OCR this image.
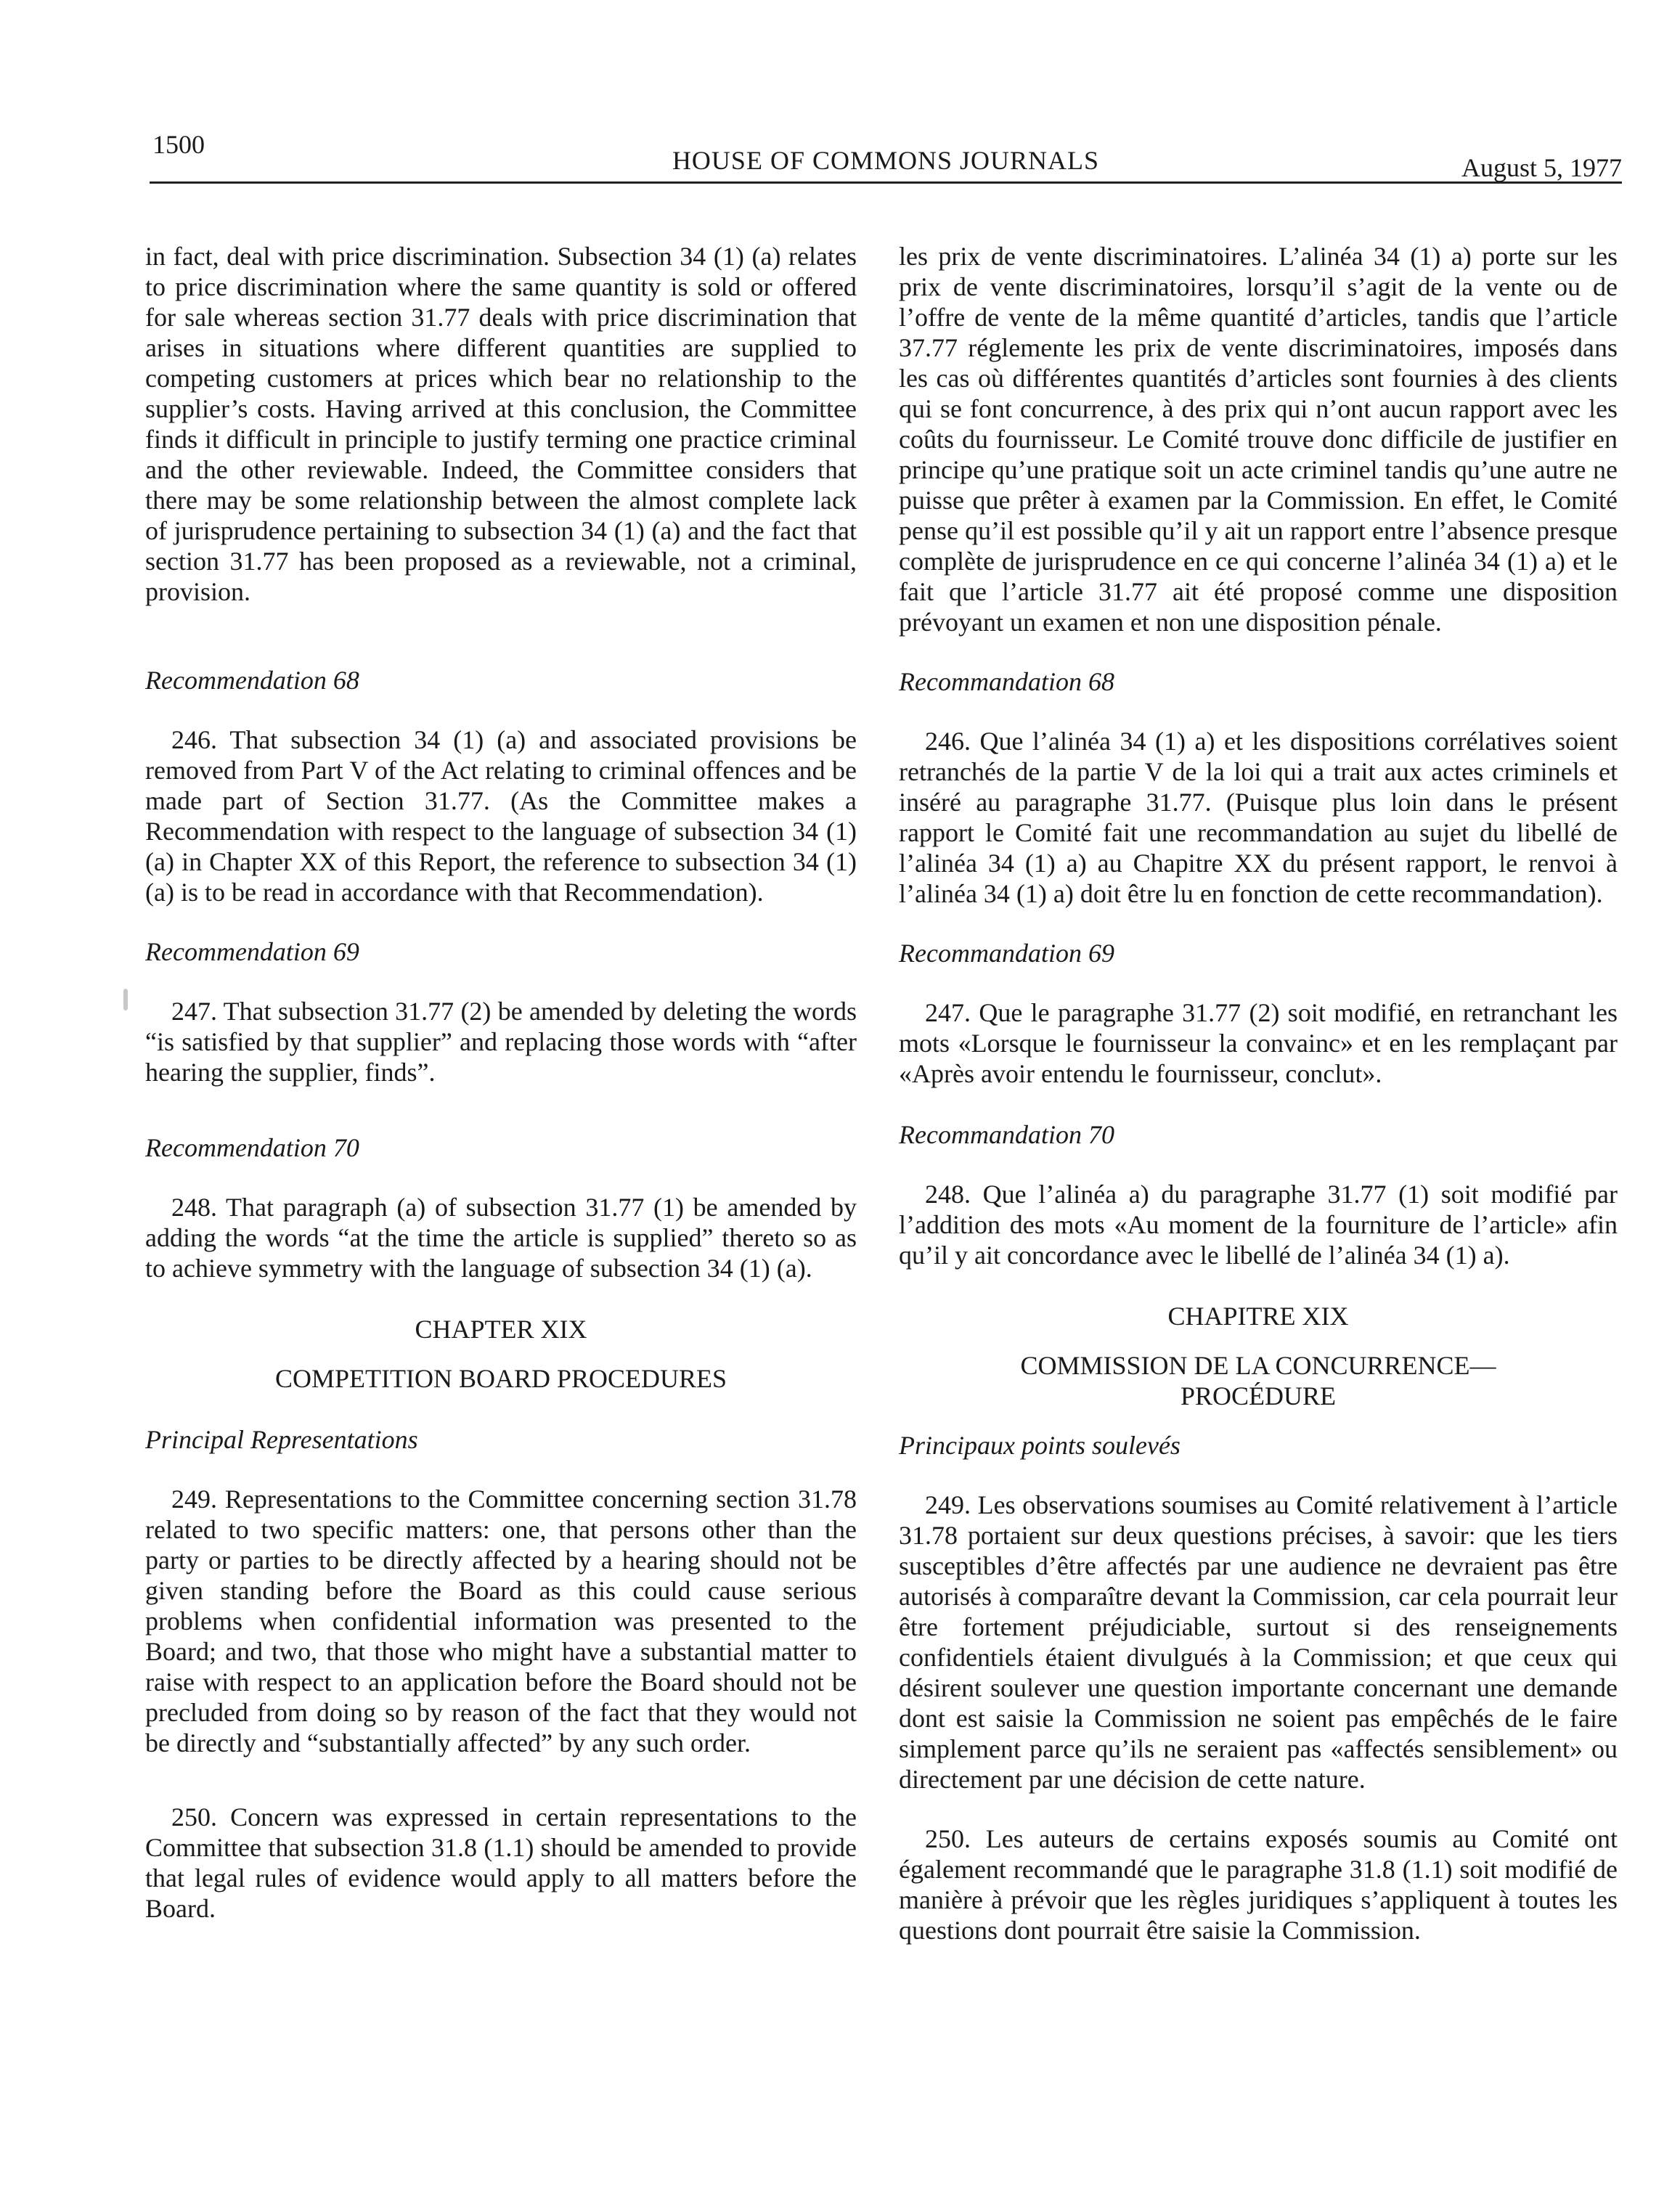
1500
HOUSE OF COMMONS JOURNALS	August 5, 1977

in fact, deal with price discrimination. Subsection 34 (1) (a) relates to price discrimination where the same quantity is sold or offered for sale whereas section 31.77 deals with price discrimination that arises in situations where different quantities are supplied to competing customers at prices which bear no relationship to the supplier’s costs. Having arrived at this conclusion, the Committee finds it difficult in principle to justify terming one practice criminal and the other reviewable. Indeed, the Committee considers that there may be some relationship between the almost complete lack of jurisprudence pertaining to subsection 34 (1) (a) and the fact that section 31.77 has been proposed as a reviewable, not a criminal, provision.

Recommendation 68

246. That subsection 34 (1) (a) and associated provisions be removed from Part V of the Act relating to criminal offences and be made part of Section 31.77. (As the Committee makes a Recommendation with respect to the language of subsection 34 (1) (a) in Chapter XX of this Report, the reference to subsection 34 (1) (a) is to be read in accordance with that Recommendation).

Recommendation 69

247. That subsection 31.77 (2) be amended by deleting the words “is satisfied by that supplier” and replacing those words with “after hearing the supplier, finds”.

Recommendation 70

248. That paragraph (a) of subsection 31.77 (1) be amended by adding the words “at the time the article is supplied” thereto so as to achieve symmetry with the language of subsection 34 (1) (a).

CHAPTER XIX

COMPETITION BOARD PROCEDURES

Principal Representations

249. Representations to the Committee concerning section 31.78 related to two specific matters: one, that persons other than the party or parties to be directly affected by a hearing should not be given standing before the Board as this could cause serious problems when confidential information was presented to the Board; and two, that those who might have a substantial matter to raise with respect to an application before the Board should not be precluded from doing so by reason of the fact that they would not be directly and “substantially affected” by any such order.

250. Concern was expressed in certain representations to the Committee that subsection 31.8 (1.1) should be amended to provide that legal rules of evidence would apply to all matters before the Board.

les prix de vente discriminatoires. L’alinéa 34 (1) a) porte sur les prix de vente discriminatoires, lorsqu’il s’agit de la vente ou de l’offre de vente de la même quantité d’articles, tandis que l’article 37.77 réglemente les prix de vente discriminatoires, imposés dans les cas où différentes quantités d’articles sont fournies à des clients qui se font concurrence, à des prix qui n’ont aucun rapport avec les coûts du fournisseur. Le Comité trouve donc difficile de justifier en principe qu’une pratique soit un acte criminel tandis qu’une autre ne puisse que prêter à examen par la Commission. En effet, le Comité pense qu’il est possible qu’il y ait un rapport entre l’absence presque complète de jurisprudence en ce qui concerne l’alinéa 34 (1) a) et le fait que l’article 31.77 ait été proposé comme une disposition prévoyant un examen et non une disposition pénale.

Recommandation 68

246. Que l’alinéa 34 (1) a) et les dispositions corrélatives soient retranchés de la partie V de la loi qui a trait aux actes criminels et inséré au paragraphe 31.77. (Puisque plus loin dans le présent rapport le Comité fait une recommandation au sujet du libellé de l’alinéa 34 (1) a) au Chapitre XX du présent rapport, le renvoi à l’alinéa 34 (1) a) doit être lu en fonction de cette recommandation).

Recommandation 69

247. Que le paragraphe 31.77 (2) soit modifié, en retranchant les mots «Lorsque le fournisseur la convainc» et en les remplaçant par «Après avoir entendu le fournisseur, conclut».

Recommandation 70

248. Que l’alinéa a) du paragraphe 31.77 (1) soit modifié par l’addition des mots «Au moment de la fourniture de l’article» afin qu’il y ait concordance avec le libellé de l’alinéa 34 (1) a).

CHAPITRE XIX

COMMISSION DE LA CONCURRENCE—

PROCÉDURE

Principaux points soulevés

249. Les observations soumises au Comité relativement à l’article 31.78 portaient sur deux questions précises, à savoir: que les tiers susceptibles d’être affectés par une audience ne devraient pas être autorisés à comparaître devant la Commission, car cela pourrait leur être fortement préjudiciable, surtout si des renseignements confidentiels étaient divulgués à la Commission; et que ceux qui désirent soulever une question importante concernant une demande dont est saisie la Commission ne soient pas empêchés de le faire simplement parce qu’ils ne seraient pas «affectés sensiblement» ou directement par une décision de cette nature.

250. Les auteurs de certains exposés soumis au Comité ont également recommandé que le paragraphe 31.8 (1.1) soit modifié de manière à prévoir que les règles juridiques s’appliquent à toutes les questions dont pourrait être saisie la Commission.
